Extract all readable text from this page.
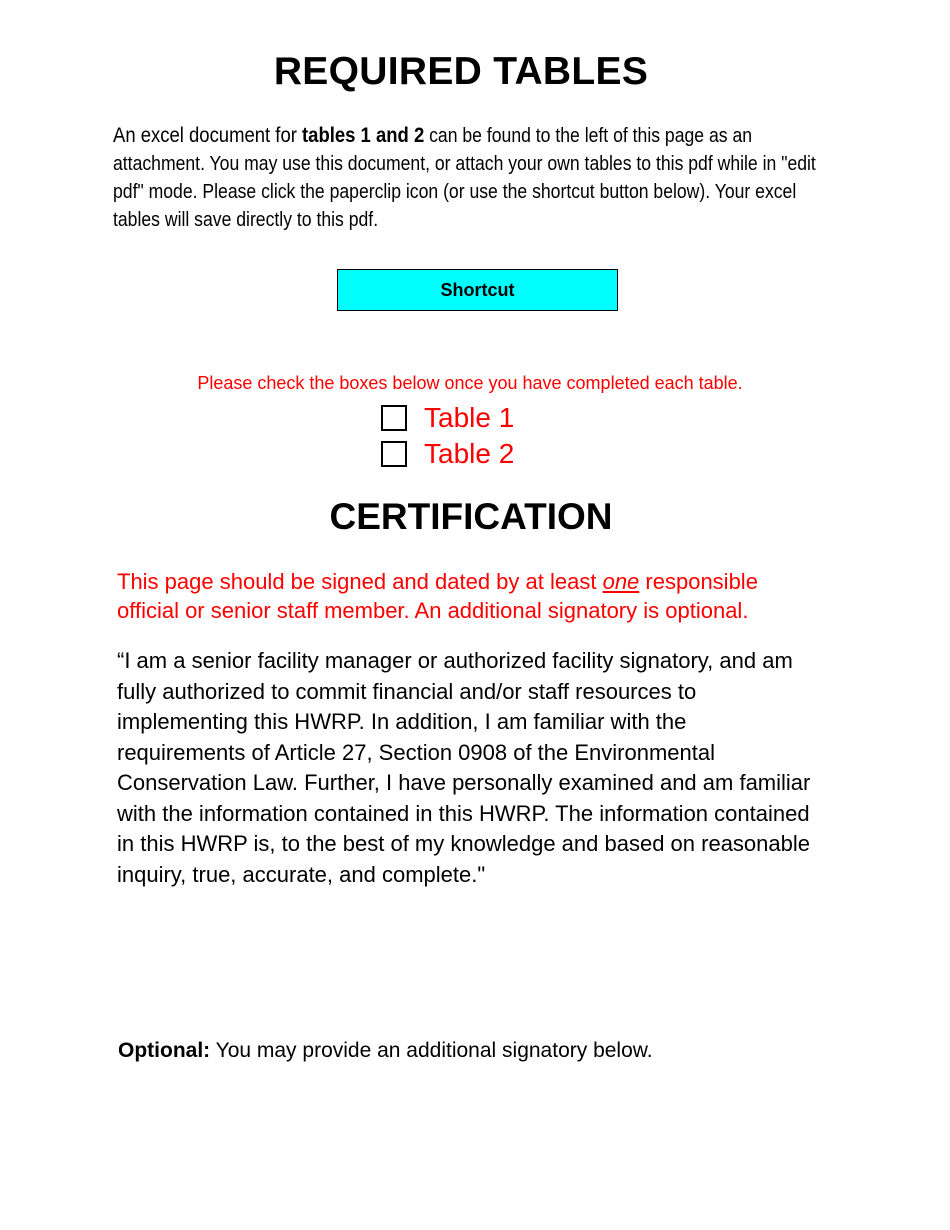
REQUIRED TABLES
An excel document for tables 1 and 2 can be found to the left of this page as an attachment. You may use this document, or attach your own tables to this pdf while in "edit pdf" mode. Please click the paperclip icon (or use the shortcut button below). Your excel tables will save directly to this pdf.
Shortcut
Please check the boxes below once you have completed each table.
Table 1
Table 2
CERTIFICATION
This page should be signed and dated by at least one responsible official or senior staff member. An additional signatory is optional.
“I am a senior facility manager or authorized facility signatory, and am fully authorized to commit financial and/or staff resources to implementing this HWRP. In addition, I am familiar with the requirements of Article 27, Section 0908 of the Environmental Conservation Law. Further, I have personally examined and am familiar with the information contained in this HWRP. The information contained in this HWRP is, to the best of my knowledge and based on reasonable inquiry, true, accurate, and complete."
Optional: You may provide an additional signatory below.
